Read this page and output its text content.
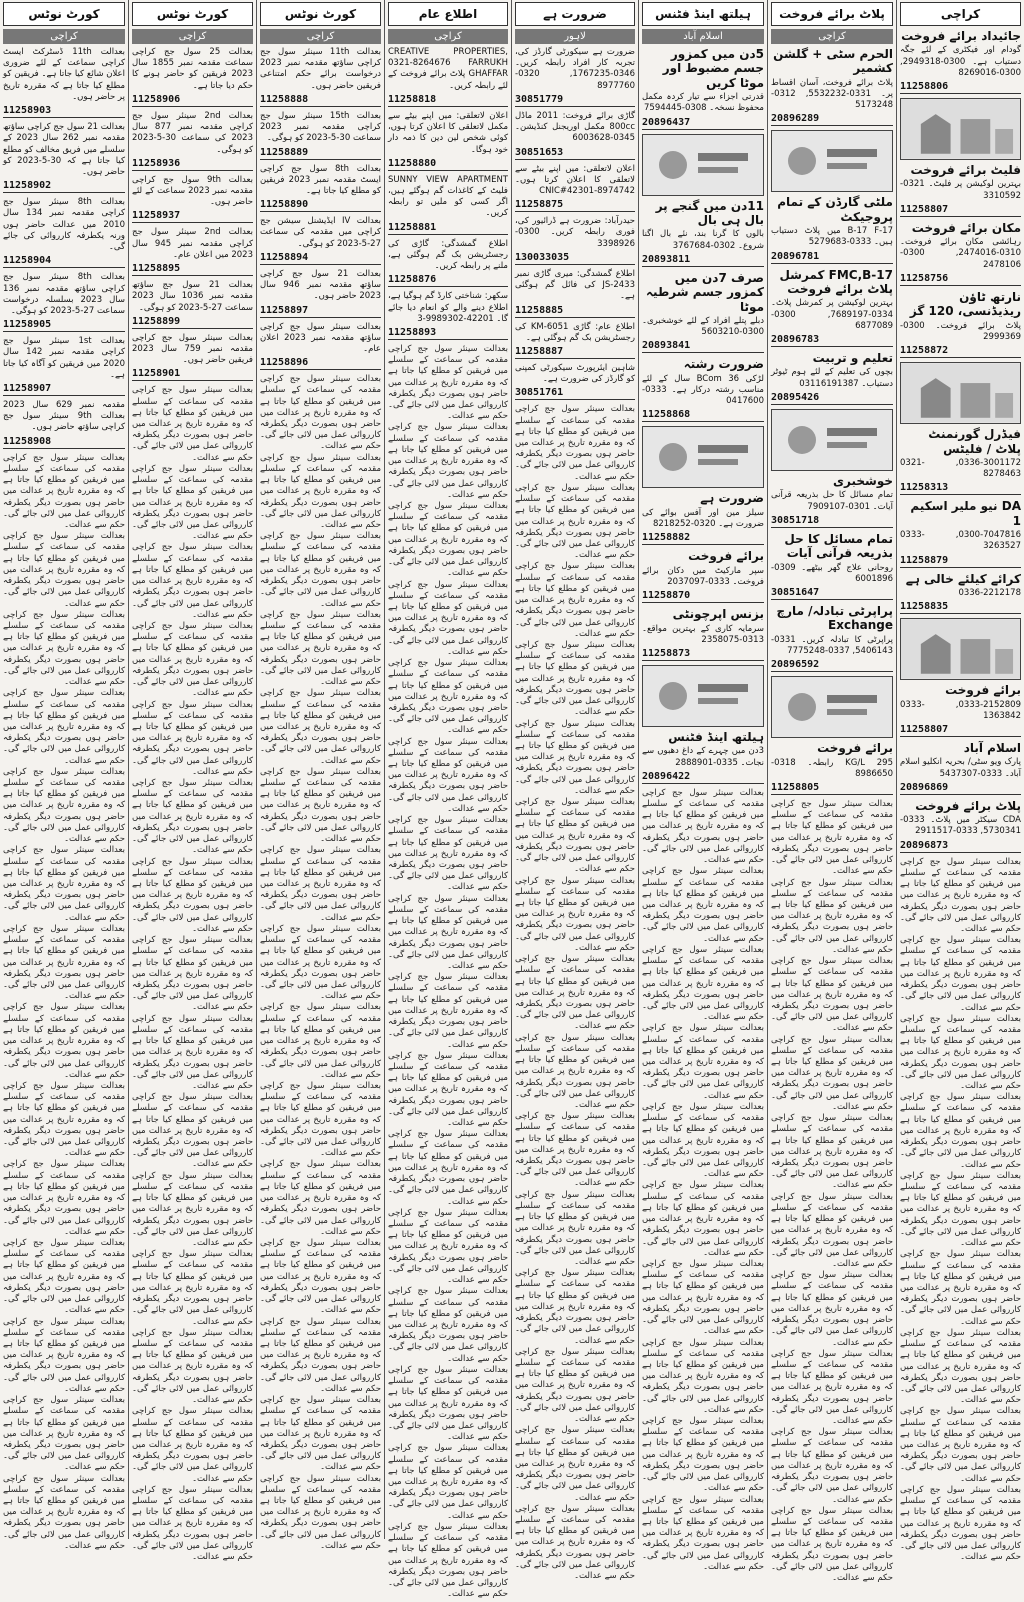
کورٹ نوٹس
کراچی
بعدالت 11th ڈسٹرکٹ ایسٹ کراچی سماعت کے لئے ضروری اعلان شائع کیا جاتا ہے۔ فریقین کو مطلع کیا جاتا ہے کہ مقررہ تاریخ پر حاضر ہوں۔
11258903
بعدالت 21 سول جج کراچی ساؤتھ مقدمہ نمبر 262 سال 2023 کے سلسلے میں فریق مخالف کو مطلع کیا جاتا ہے کہ 30-5-2023 کو حاضر ہوں۔
11258902
بعدالت 8th سینئر سول جج کراچی مقدمہ نمبر 134 سال 2010 میں عدالت حاضر ہوں ورنہ یکطرفہ کارروائی کی جائے گی۔
11258904
بعدالت 8th سینئر سول جج کراچی ساؤتھ مقدمہ نمبر 136 سال 2023 بسلسلہ درخواست سماعت 27-5-2023 کو ہوگی۔
11258905
بعدالت 1st سینئر سول جج کراچی مقدمہ نمبر 142 سال 2020 میں فریقین کو آگاہ کیا جاتا ہے۔
11258907
مقدمہ نمبر 629 سال 2023 بعدالت 9th سینئر سول جج کراچی ساؤتھ حاضر ہوں۔
11258908
بعدالت سینئر سول جج کراچی مقدمہ کی سماعت کے سلسلے میں فریقین کو مطلع کیا جاتا ہے کہ وہ مقررہ تاریخ پر عدالت میں حاضر ہوں بصورت دیگر یکطرفہ کارروائی عمل میں لائی جائے گی۔ حکم سے عدالت۔
بعدالت سینئر سول جج کراچی مقدمہ کی سماعت کے سلسلے میں فریقین کو مطلع کیا جاتا ہے کہ وہ مقررہ تاریخ پر عدالت میں حاضر ہوں بصورت دیگر یکطرفہ کارروائی عمل میں لائی جائے گی۔ حکم سے عدالت۔
بعدالت سینئر سول جج کراچی مقدمہ کی سماعت کے سلسلے میں فریقین کو مطلع کیا جاتا ہے کہ وہ مقررہ تاریخ پر عدالت میں حاضر ہوں بصورت دیگر یکطرفہ کارروائی عمل میں لائی جائے گی۔ حکم سے عدالت۔
بعدالت سینئر سول جج کراچی مقدمہ کی سماعت کے سلسلے میں فریقین کو مطلع کیا جاتا ہے کہ وہ مقررہ تاریخ پر عدالت میں حاضر ہوں بصورت دیگر یکطرفہ کارروائی عمل میں لائی جائے گی۔ حکم سے عدالت۔
بعدالت سینئر سول جج کراچی مقدمہ کی سماعت کے سلسلے میں فریقین کو مطلع کیا جاتا ہے کہ وہ مقررہ تاریخ پر عدالت میں حاضر ہوں بصورت دیگر یکطرفہ کارروائی عمل میں لائی جائے گی۔ حکم سے عدالت۔
بعدالت سینئر سول جج کراچی مقدمہ کی سماعت کے سلسلے میں فریقین کو مطلع کیا جاتا ہے کہ وہ مقررہ تاریخ پر عدالت میں حاضر ہوں بصورت دیگر یکطرفہ کارروائی عمل میں لائی جائے گی۔ حکم سے عدالت۔
بعدالت سینئر سول جج کراچی مقدمہ کی سماعت کے سلسلے میں فریقین کو مطلع کیا جاتا ہے کہ وہ مقررہ تاریخ پر عدالت میں حاضر ہوں بصورت دیگر یکطرفہ کارروائی عمل میں لائی جائے گی۔ حکم سے عدالت۔
بعدالت سینئر سول جج کراچی مقدمہ کی سماعت کے سلسلے میں فریقین کو مطلع کیا جاتا ہے کہ وہ مقررہ تاریخ پر عدالت میں حاضر ہوں بصورت دیگر یکطرفہ کارروائی عمل میں لائی جائے گی۔ حکم سے عدالت۔
بعدالت سینئر سول جج کراچی مقدمہ کی سماعت کے سلسلے میں فریقین کو مطلع کیا جاتا ہے کہ وہ مقررہ تاریخ پر عدالت میں حاضر ہوں بصورت دیگر یکطرفہ کارروائی عمل میں لائی جائے گی۔ حکم سے عدالت۔
بعدالت سینئر سول جج کراچی مقدمہ کی سماعت کے سلسلے میں فریقین کو مطلع کیا جاتا ہے کہ وہ مقررہ تاریخ پر عدالت میں حاضر ہوں بصورت دیگر یکطرفہ کارروائی عمل میں لائی جائے گی۔ حکم سے عدالت۔
بعدالت سینئر سول جج کراچی مقدمہ کی سماعت کے سلسلے میں فریقین کو مطلع کیا جاتا ہے کہ وہ مقررہ تاریخ پر عدالت میں حاضر ہوں بصورت دیگر یکطرفہ کارروائی عمل میں لائی جائے گی۔ حکم سے عدالت۔
بعدالت سینئر سول جج کراچی مقدمہ کی سماعت کے سلسلے میں فریقین کو مطلع کیا جاتا ہے کہ وہ مقررہ تاریخ پر عدالت میں حاضر ہوں بصورت دیگر یکطرفہ کارروائی عمل میں لائی جائے گی۔ حکم سے عدالت۔
بعدالت سینئر سول جج کراچی مقدمہ کی سماعت کے سلسلے میں فریقین کو مطلع کیا جاتا ہے کہ وہ مقررہ تاریخ پر عدالت میں حاضر ہوں بصورت دیگر یکطرفہ کارروائی عمل میں لائی جائے گی۔ حکم سے عدالت۔
بعدالت سینئر سول جج کراچی مقدمہ کی سماعت کے سلسلے میں فریقین کو مطلع کیا جاتا ہے کہ وہ مقررہ تاریخ پر عدالت میں حاضر ہوں بصورت دیگر یکطرفہ کارروائی عمل میں لائی جائے گی۔ حکم سے عدالت۔
کورٹ نوٹس
کراچی
بعدالت 25 سول جج کراچی سماعت مقدمہ نمبر 1855 سال 2023 فریقین کو حاضر ہونے کا حکم دیا جاتا ہے۔
11258906
بعدالت 2nd سینئر سول جج کراچی مقدمہ نمبر 877 سال 2023 کی سماعت 30-5-2023 کو ہوگی۔
11258936
بعدالت 9th سول جج کراچی مقدمہ نمبر 2023 سماعت کے لئے حاضر ہوں۔
11258937
بعدالت 2nd سینئر سول جج کراچی مقدمہ نمبر 945 سال 2023 میں اعلان عام۔
11258895
بعدالت 21 سول جج ساؤتھ مقدمہ نمبر 1036 سال 2023 سماعت 27-5-2023 کو ہوگی۔
11258899
بعدالت سینئر سول جج کراچی مقدمہ نمبر 759 سال 2023 فریقین حاضر ہوں۔
11258901
بعدالت سینئر سول جج کراچی مقدمہ کی سماعت کے سلسلے میں فریقین کو مطلع کیا جاتا ہے کہ وہ مقررہ تاریخ پر عدالت میں حاضر ہوں بصورت دیگر یکطرفہ کارروائی عمل میں لائی جائے گی۔ حکم سے عدالت۔
بعدالت سینئر سول جج کراچی مقدمہ کی سماعت کے سلسلے میں فریقین کو مطلع کیا جاتا ہے کہ وہ مقررہ تاریخ پر عدالت میں حاضر ہوں بصورت دیگر یکطرفہ کارروائی عمل میں لائی جائے گی۔ حکم سے عدالت۔
بعدالت سینئر سول جج کراچی مقدمہ کی سماعت کے سلسلے میں فریقین کو مطلع کیا جاتا ہے کہ وہ مقررہ تاریخ پر عدالت میں حاضر ہوں بصورت دیگر یکطرفہ کارروائی عمل میں لائی جائے گی۔ حکم سے عدالت۔
بعدالت سینئر سول جج کراچی مقدمہ کی سماعت کے سلسلے میں فریقین کو مطلع کیا جاتا ہے کہ وہ مقررہ تاریخ پر عدالت میں حاضر ہوں بصورت دیگر یکطرفہ کارروائی عمل میں لائی جائے گی۔ حکم سے عدالت۔
بعدالت سینئر سول جج کراچی مقدمہ کی سماعت کے سلسلے میں فریقین کو مطلع کیا جاتا ہے کہ وہ مقررہ تاریخ پر عدالت میں حاضر ہوں بصورت دیگر یکطرفہ کارروائی عمل میں لائی جائے گی۔ حکم سے عدالت۔
بعدالت سینئر سول جج کراچی مقدمہ کی سماعت کے سلسلے میں فریقین کو مطلع کیا جاتا ہے کہ وہ مقررہ تاریخ پر عدالت میں حاضر ہوں بصورت دیگر یکطرفہ کارروائی عمل میں لائی جائے گی۔ حکم سے عدالت۔
بعدالت سینئر سول جج کراچی مقدمہ کی سماعت کے سلسلے میں فریقین کو مطلع کیا جاتا ہے کہ وہ مقررہ تاریخ پر عدالت میں حاضر ہوں بصورت دیگر یکطرفہ کارروائی عمل میں لائی جائے گی۔ حکم سے عدالت۔
بعدالت سینئر سول جج کراچی مقدمہ کی سماعت کے سلسلے میں فریقین کو مطلع کیا جاتا ہے کہ وہ مقررہ تاریخ پر عدالت میں حاضر ہوں بصورت دیگر یکطرفہ کارروائی عمل میں لائی جائے گی۔ حکم سے عدالت۔
بعدالت سینئر سول جج کراچی مقدمہ کی سماعت کے سلسلے میں فریقین کو مطلع کیا جاتا ہے کہ وہ مقررہ تاریخ پر عدالت میں حاضر ہوں بصورت دیگر یکطرفہ کارروائی عمل میں لائی جائے گی۔ حکم سے عدالت۔
بعدالت سینئر سول جج کراچی مقدمہ کی سماعت کے سلسلے میں فریقین کو مطلع کیا جاتا ہے کہ وہ مقررہ تاریخ پر عدالت میں حاضر ہوں بصورت دیگر یکطرفہ کارروائی عمل میں لائی جائے گی۔ حکم سے عدالت۔
بعدالت سینئر سول جج کراچی مقدمہ کی سماعت کے سلسلے میں فریقین کو مطلع کیا جاتا ہے کہ وہ مقررہ تاریخ پر عدالت میں حاضر ہوں بصورت دیگر یکطرفہ کارروائی عمل میں لائی جائے گی۔ حکم سے عدالت۔
بعدالت سینئر سول جج کراچی مقدمہ کی سماعت کے سلسلے میں فریقین کو مطلع کیا جاتا ہے کہ وہ مقررہ تاریخ پر عدالت میں حاضر ہوں بصورت دیگر یکطرفہ کارروائی عمل میں لائی جائے گی۔ حکم سے عدالت۔
بعدالت سینئر سول جج کراچی مقدمہ کی سماعت کے سلسلے میں فریقین کو مطلع کیا جاتا ہے کہ وہ مقررہ تاریخ پر عدالت میں حاضر ہوں بصورت دیگر یکطرفہ کارروائی عمل میں لائی جائے گی۔ حکم سے عدالت۔
بعدالت سینئر سول جج کراچی مقدمہ کی سماعت کے سلسلے میں فریقین کو مطلع کیا جاتا ہے کہ وہ مقررہ تاریخ پر عدالت میں حاضر ہوں بصورت دیگر یکطرفہ کارروائی عمل میں لائی جائے گی۔ حکم سے عدالت۔
بعدالت سینئر سول جج کراچی مقدمہ کی سماعت کے سلسلے میں فریقین کو مطلع کیا جاتا ہے کہ وہ مقررہ تاریخ پر عدالت میں حاضر ہوں بصورت دیگر یکطرفہ کارروائی عمل میں لائی جائے گی۔ حکم سے عدالت۔
کورٹ نوٹس
کراچی
بعدالت 11th سینئر سول جج کراچی ساؤتھ مقدمہ نمبر 2023 درخواست برائے حکم امتناعی فریقین حاضر ہوں۔
11258888
بعدالت 15th سینئر سول جج کراچی مقدمہ نمبر 2023 سماعت 30-5-2023 کو ہوگی۔
11258889
بعدالت 8th سول جج کراچی ایسٹ مقدمہ نمبر 2023 فریقین کو مطلع کیا جاتا ہے۔
11258890
بعدالت IV ایڈیشنل سیشن جج کراچی میں مقدمہ کی سماعت 27-5-2023 کو ہوگی۔
11258894
بعدالت 21 سول جج کراچی ساؤتھ مقدمہ نمبر 946 سال 2023 حاضر ہوں۔
11258897
بعدالت سینئر سول جج کراچی ساؤتھ مقدمہ نمبر 2023 اعلان عام۔
11258896
بعدالت سینئر سول جج کراچی مقدمہ کی سماعت کے سلسلے میں فریقین کو مطلع کیا جاتا ہے کہ وہ مقررہ تاریخ پر عدالت میں حاضر ہوں بصورت دیگر یکطرفہ کارروائی عمل میں لائی جائے گی۔ حکم سے عدالت۔
بعدالت سینئر سول جج کراچی مقدمہ کی سماعت کے سلسلے میں فریقین کو مطلع کیا جاتا ہے کہ وہ مقررہ تاریخ پر عدالت میں حاضر ہوں بصورت دیگر یکطرفہ کارروائی عمل میں لائی جائے گی۔ حکم سے عدالت۔
بعدالت سینئر سول جج کراچی مقدمہ کی سماعت کے سلسلے میں فریقین کو مطلع کیا جاتا ہے کہ وہ مقررہ تاریخ پر عدالت میں حاضر ہوں بصورت دیگر یکطرفہ کارروائی عمل میں لائی جائے گی۔ حکم سے عدالت۔
بعدالت سینئر سول جج کراچی مقدمہ کی سماعت کے سلسلے میں فریقین کو مطلع کیا جاتا ہے کہ وہ مقررہ تاریخ پر عدالت میں حاضر ہوں بصورت دیگر یکطرفہ کارروائی عمل میں لائی جائے گی۔ حکم سے عدالت۔
بعدالت سینئر سول جج کراچی مقدمہ کی سماعت کے سلسلے میں فریقین کو مطلع کیا جاتا ہے کہ وہ مقررہ تاریخ پر عدالت میں حاضر ہوں بصورت دیگر یکطرفہ کارروائی عمل میں لائی جائے گی۔ حکم سے عدالت۔
بعدالت سینئر سول جج کراچی مقدمہ کی سماعت کے سلسلے میں فریقین کو مطلع کیا جاتا ہے کہ وہ مقررہ تاریخ پر عدالت میں حاضر ہوں بصورت دیگر یکطرفہ کارروائی عمل میں لائی جائے گی۔ حکم سے عدالت۔
بعدالت سینئر سول جج کراچی مقدمہ کی سماعت کے سلسلے میں فریقین کو مطلع کیا جاتا ہے کہ وہ مقررہ تاریخ پر عدالت میں حاضر ہوں بصورت دیگر یکطرفہ کارروائی عمل میں لائی جائے گی۔ حکم سے عدالت۔
بعدالت سینئر سول جج کراچی مقدمہ کی سماعت کے سلسلے میں فریقین کو مطلع کیا جاتا ہے کہ وہ مقررہ تاریخ پر عدالت میں حاضر ہوں بصورت دیگر یکطرفہ کارروائی عمل میں لائی جائے گی۔ حکم سے عدالت۔
بعدالت سینئر سول جج کراچی مقدمہ کی سماعت کے سلسلے میں فریقین کو مطلع کیا جاتا ہے کہ وہ مقررہ تاریخ پر عدالت میں حاضر ہوں بصورت دیگر یکطرفہ کارروائی عمل میں لائی جائے گی۔ حکم سے عدالت۔
بعدالت سینئر سول جج کراچی مقدمہ کی سماعت کے سلسلے میں فریقین کو مطلع کیا جاتا ہے کہ وہ مقررہ تاریخ پر عدالت میں حاضر ہوں بصورت دیگر یکطرفہ کارروائی عمل میں لائی جائے گی۔ حکم سے عدالت۔
بعدالت سینئر سول جج کراچی مقدمہ کی سماعت کے سلسلے میں فریقین کو مطلع کیا جاتا ہے کہ وہ مقررہ تاریخ پر عدالت میں حاضر ہوں بصورت دیگر یکطرفہ کارروائی عمل میں لائی جائے گی۔ حکم سے عدالت۔
بعدالت سینئر سول جج کراچی مقدمہ کی سماعت کے سلسلے میں فریقین کو مطلع کیا جاتا ہے کہ وہ مقررہ تاریخ پر عدالت میں حاضر ہوں بصورت دیگر یکطرفہ کارروائی عمل میں لائی جائے گی۔ حکم سے عدالت۔
بعدالت سینئر سول جج کراچی مقدمہ کی سماعت کے سلسلے میں فریقین کو مطلع کیا جاتا ہے کہ وہ مقررہ تاریخ پر عدالت میں حاضر ہوں بصورت دیگر یکطرفہ کارروائی عمل میں لائی جائے گی۔ حکم سے عدالت۔
بعدالت سینئر سول جج کراچی مقدمہ کی سماعت کے سلسلے میں فریقین کو مطلع کیا جاتا ہے کہ وہ مقررہ تاریخ پر عدالت میں حاضر ہوں بصورت دیگر یکطرفہ کارروائی عمل میں لائی جائے گی۔ حکم سے عدالت۔
بعدالت سینئر سول جج کراچی مقدمہ کی سماعت کے سلسلے میں فریقین کو مطلع کیا جاتا ہے کہ وہ مقررہ تاریخ پر عدالت میں حاضر ہوں بصورت دیگر یکطرفہ کارروائی عمل میں لائی جائے گی۔ حکم سے عدالت۔
اطلاع عام
کراچی
CREATIVE PROPERTIES, 0321-8264676 FARRUKH GHAFFAR پلاٹ برائے فروخت کے لئے رابطہ کریں۔
11258818
اعلان لاتعلقی: میں اپنے بیٹے سے مکمل لاتعلقی کا اعلان کرتا ہوں، کوئی شخص لین دین کا ذمہ دار خود ہوگا۔
11258880
SUNNY VIEW APARTMENT فلیٹ کے کاغذات گم ہوگئے ہیں، اگر کسی کو ملیں تو رابطہ کریں۔
11258881
اطلاع گمشدگی: گاڑی کی رجسٹریشن بک گم ہوگئی ہے، ملنے پر رابطہ کریں۔
11258876
سکھر: شناختی کارڈ گم ہوگیا ہے، اطلاع دینے والے کو انعام دیا جائے گا۔ 42201-9989302-3
11258893
بعدالت سینئر سول جج کراچی مقدمہ کی سماعت کے سلسلے میں فریقین کو مطلع کیا جاتا ہے کہ وہ مقررہ تاریخ پر عدالت میں حاضر ہوں بصورت دیگر یکطرفہ کارروائی عمل میں لائی جائے گی۔ حکم سے عدالت۔
بعدالت سینئر سول جج کراچی مقدمہ کی سماعت کے سلسلے میں فریقین کو مطلع کیا جاتا ہے کہ وہ مقررہ تاریخ پر عدالت میں حاضر ہوں بصورت دیگر یکطرفہ کارروائی عمل میں لائی جائے گی۔ حکم سے عدالت۔
بعدالت سینئر سول جج کراچی مقدمہ کی سماعت کے سلسلے میں فریقین کو مطلع کیا جاتا ہے کہ وہ مقررہ تاریخ پر عدالت میں حاضر ہوں بصورت دیگر یکطرفہ کارروائی عمل میں لائی جائے گی۔ حکم سے عدالت۔
بعدالت سینئر سول جج کراچی مقدمہ کی سماعت کے سلسلے میں فریقین کو مطلع کیا جاتا ہے کہ وہ مقررہ تاریخ پر عدالت میں حاضر ہوں بصورت دیگر یکطرفہ کارروائی عمل میں لائی جائے گی۔ حکم سے عدالت۔
بعدالت سینئر سول جج کراچی مقدمہ کی سماعت کے سلسلے میں فریقین کو مطلع کیا جاتا ہے کہ وہ مقررہ تاریخ پر عدالت میں حاضر ہوں بصورت دیگر یکطرفہ کارروائی عمل میں لائی جائے گی۔ حکم سے عدالت۔
بعدالت سینئر سول جج کراچی مقدمہ کی سماعت کے سلسلے میں فریقین کو مطلع کیا جاتا ہے کہ وہ مقررہ تاریخ پر عدالت میں حاضر ہوں بصورت دیگر یکطرفہ کارروائی عمل میں لائی جائے گی۔ حکم سے عدالت۔
بعدالت سینئر سول جج کراچی مقدمہ کی سماعت کے سلسلے میں فریقین کو مطلع کیا جاتا ہے کہ وہ مقررہ تاریخ پر عدالت میں حاضر ہوں بصورت دیگر یکطرفہ کارروائی عمل میں لائی جائے گی۔ حکم سے عدالت۔
بعدالت سینئر سول جج کراچی مقدمہ کی سماعت کے سلسلے میں فریقین کو مطلع کیا جاتا ہے کہ وہ مقررہ تاریخ پر عدالت میں حاضر ہوں بصورت دیگر یکطرفہ کارروائی عمل میں لائی جائے گی۔ حکم سے عدالت۔
بعدالت سینئر سول جج کراچی مقدمہ کی سماعت کے سلسلے میں فریقین کو مطلع کیا جاتا ہے کہ وہ مقررہ تاریخ پر عدالت میں حاضر ہوں بصورت دیگر یکطرفہ کارروائی عمل میں لائی جائے گی۔ حکم سے عدالت۔
بعدالت سینئر سول جج کراچی مقدمہ کی سماعت کے سلسلے میں فریقین کو مطلع کیا جاتا ہے کہ وہ مقررہ تاریخ پر عدالت میں حاضر ہوں بصورت دیگر یکطرفہ کارروائی عمل میں لائی جائے گی۔ حکم سے عدالت۔
بعدالت سینئر سول جج کراچی مقدمہ کی سماعت کے سلسلے میں فریقین کو مطلع کیا جاتا ہے کہ وہ مقررہ تاریخ پر عدالت میں حاضر ہوں بصورت دیگر یکطرفہ کارروائی عمل میں لائی جائے گی۔ حکم سے عدالت۔
بعدالت سینئر سول جج کراچی مقدمہ کی سماعت کے سلسلے میں فریقین کو مطلع کیا جاتا ہے کہ وہ مقررہ تاریخ پر عدالت میں حاضر ہوں بصورت دیگر یکطرفہ کارروائی عمل میں لائی جائے گی۔ حکم سے عدالت۔
بعدالت سینئر سول جج کراچی مقدمہ کی سماعت کے سلسلے میں فریقین کو مطلع کیا جاتا ہے کہ وہ مقررہ تاریخ پر عدالت میں حاضر ہوں بصورت دیگر یکطرفہ کارروائی عمل میں لائی جائے گی۔ حکم سے عدالت۔
بعدالت سینئر سول جج کراچی مقدمہ کی سماعت کے سلسلے میں فریقین کو مطلع کیا جاتا ہے کہ وہ مقررہ تاریخ پر عدالت میں حاضر ہوں بصورت دیگر یکطرفہ کارروائی عمل میں لائی جائے گی۔ حکم سے عدالت۔
بعدالت سینئر سول جج کراچی مقدمہ کی سماعت کے سلسلے میں فریقین کو مطلع کیا جاتا ہے کہ وہ مقررہ تاریخ پر عدالت میں حاضر ہوں بصورت دیگر یکطرفہ کارروائی عمل میں لائی جائے گی۔ حکم سے عدالت۔
بعدالت سینئر سول جج کراچی مقدمہ کی سماعت کے سلسلے میں فریقین کو مطلع کیا جاتا ہے کہ وہ مقررہ تاریخ پر عدالت میں حاضر ہوں بصورت دیگر یکطرفہ کارروائی عمل میں لائی جائے گی۔ حکم سے عدالت۔
ضرورت ہے
لاہور
ضرورت ہے سیکورٹی گارڈز کی، تجربہ کار افراد رابطہ کریں۔ 0346-1767235, 0320-8977760
30851779
گاڑی برائے فروخت: 2011 ماڈل 800cc مکمل اوریجنل کنڈیشن۔ 0345-6003628
30851653
اعلان لاتعلقی: میں اپنے بیٹے سے لاتعلقی کا اعلان کرتا ہوں۔ CNIC#42301-8974742
11258875
حیدرآباد: ضرورت ہے ڈرائیور کی، فوری رابطہ کریں۔ 0300-3398926
130033035
اطلاع گمشدگی: میری گاڑی نمبر JS-2433 کی فائل گم ہوگئی ہے۔
11258885
اطلاع عام: گاڑی KM-6051 کی رجسٹریشن بک گم ہوگئی ہے۔
11258887
شاہین ایئرپورٹ سیکورٹی کمپنی کو گارڈز کی ضرورت ہے۔
30851761
بعدالت سینئر سول جج کراچی مقدمہ کی سماعت کے سلسلے میں فریقین کو مطلع کیا جاتا ہے کہ وہ مقررہ تاریخ پر عدالت میں حاضر ہوں بصورت دیگر یکطرفہ کارروائی عمل میں لائی جائے گی۔ حکم سے عدالت۔
بعدالت سینئر سول جج کراچی مقدمہ کی سماعت کے سلسلے میں فریقین کو مطلع کیا جاتا ہے کہ وہ مقررہ تاریخ پر عدالت میں حاضر ہوں بصورت دیگر یکطرفہ کارروائی عمل میں لائی جائے گی۔ حکم سے عدالت۔
بعدالت سینئر سول جج کراچی مقدمہ کی سماعت کے سلسلے میں فریقین کو مطلع کیا جاتا ہے کہ وہ مقررہ تاریخ پر عدالت میں حاضر ہوں بصورت دیگر یکطرفہ کارروائی عمل میں لائی جائے گی۔ حکم سے عدالت۔
بعدالت سینئر سول جج کراچی مقدمہ کی سماعت کے سلسلے میں فریقین کو مطلع کیا جاتا ہے کہ وہ مقررہ تاریخ پر عدالت میں حاضر ہوں بصورت دیگر یکطرفہ کارروائی عمل میں لائی جائے گی۔ حکم سے عدالت۔
بعدالت سینئر سول جج کراچی مقدمہ کی سماعت کے سلسلے میں فریقین کو مطلع کیا جاتا ہے کہ وہ مقررہ تاریخ پر عدالت میں حاضر ہوں بصورت دیگر یکطرفہ کارروائی عمل میں لائی جائے گی۔ حکم سے عدالت۔
بعدالت سینئر سول جج کراچی مقدمہ کی سماعت کے سلسلے میں فریقین کو مطلع کیا جاتا ہے کہ وہ مقررہ تاریخ پر عدالت میں حاضر ہوں بصورت دیگر یکطرفہ کارروائی عمل میں لائی جائے گی۔ حکم سے عدالت۔
بعدالت سینئر سول جج کراچی مقدمہ کی سماعت کے سلسلے میں فریقین کو مطلع کیا جاتا ہے کہ وہ مقررہ تاریخ پر عدالت میں حاضر ہوں بصورت دیگر یکطرفہ کارروائی عمل میں لائی جائے گی۔ حکم سے عدالت۔
بعدالت سینئر سول جج کراچی مقدمہ کی سماعت کے سلسلے میں فریقین کو مطلع کیا جاتا ہے کہ وہ مقررہ تاریخ پر عدالت میں حاضر ہوں بصورت دیگر یکطرفہ کارروائی عمل میں لائی جائے گی۔ حکم سے عدالت۔
بعدالت سینئر سول جج کراچی مقدمہ کی سماعت کے سلسلے میں فریقین کو مطلع کیا جاتا ہے کہ وہ مقررہ تاریخ پر عدالت میں حاضر ہوں بصورت دیگر یکطرفہ کارروائی عمل میں لائی جائے گی۔ حکم سے عدالت۔
بعدالت سینئر سول جج کراچی مقدمہ کی سماعت کے سلسلے میں فریقین کو مطلع کیا جاتا ہے کہ وہ مقررہ تاریخ پر عدالت میں حاضر ہوں بصورت دیگر یکطرفہ کارروائی عمل میں لائی جائے گی۔ حکم سے عدالت۔
بعدالت سینئر سول جج کراچی مقدمہ کی سماعت کے سلسلے میں فریقین کو مطلع کیا جاتا ہے کہ وہ مقررہ تاریخ پر عدالت میں حاضر ہوں بصورت دیگر یکطرفہ کارروائی عمل میں لائی جائے گی۔ حکم سے عدالت۔
بعدالت سینئر سول جج کراچی مقدمہ کی سماعت کے سلسلے میں فریقین کو مطلع کیا جاتا ہے کہ وہ مقررہ تاریخ پر عدالت میں حاضر ہوں بصورت دیگر یکطرفہ کارروائی عمل میں لائی جائے گی۔ حکم سے عدالت۔
بعدالت سینئر سول جج کراچی مقدمہ کی سماعت کے سلسلے میں فریقین کو مطلع کیا جاتا ہے کہ وہ مقررہ تاریخ پر عدالت میں حاضر ہوں بصورت دیگر یکطرفہ کارروائی عمل میں لائی جائے گی۔ حکم سے عدالت۔
بعدالت سینئر سول جج کراچی مقدمہ کی سماعت کے سلسلے میں فریقین کو مطلع کیا جاتا ہے کہ وہ مقررہ تاریخ پر عدالت میں حاضر ہوں بصورت دیگر یکطرفہ کارروائی عمل میں لائی جائے گی۔ حکم سے عدالت۔
بعدالت سینئر سول جج کراچی مقدمہ کی سماعت کے سلسلے میں فریقین کو مطلع کیا جاتا ہے کہ وہ مقررہ تاریخ پر عدالت میں حاضر ہوں بصورت دیگر یکطرفہ کارروائی عمل میں لائی جائے گی۔ حکم سے عدالت۔
ہیلتھ اینڈ فٹنس
اسلام آباد
5دن میں کمزور جسم مضبوط اور موٹا کریں
قدرتی اجزاء سے تیار کردہ مکمل محفوظ نسخہ۔ 0308-7594445
20896437
11دن میں گنجے پر بال ہی بال
بالوں کا گرنا بند، نئے بال اگنا شروع۔ 0302-3767684
20893811
صرف 7دن میں کمزور جسم شرطیہ موٹا
دبلے پتلے افراد کے لئے خوشخبری۔ 0300-5603210
20893841
ضرورت رشتہ
لڑکی BCom 36 سال کے لئے مناسب رشتہ درکار ہے۔ 0333-0417600
11258868
ضرورت ہے
سیلز مین اور آفس بوائے کی ضرورت ہے۔ 0320-8218252
11258882
برائے فروخت
سپر مارکیٹ میں دکان برائے فروخت۔ 0333-2037097
11258870
بزنس اپرچونٹی
سرمایہ کاری کے بہترین مواقع۔ 0313-2358075
11258873
ہیلتھ اینڈ فٹنس
3دن میں چہرے کے داغ دھبوں سے نجات۔ 0335-2888901
20896422
بعدالت سینئر سول جج کراچی مقدمہ کی سماعت کے سلسلے میں فریقین کو مطلع کیا جاتا ہے کہ وہ مقررہ تاریخ پر عدالت میں حاضر ہوں بصورت دیگر یکطرفہ کارروائی عمل میں لائی جائے گی۔ حکم سے عدالت۔
بعدالت سینئر سول جج کراچی مقدمہ کی سماعت کے سلسلے میں فریقین کو مطلع کیا جاتا ہے کہ وہ مقررہ تاریخ پر عدالت میں حاضر ہوں بصورت دیگر یکطرفہ کارروائی عمل میں لائی جائے گی۔ حکم سے عدالت۔
بعدالت سینئر سول جج کراچی مقدمہ کی سماعت کے سلسلے میں فریقین کو مطلع کیا جاتا ہے کہ وہ مقررہ تاریخ پر عدالت میں حاضر ہوں بصورت دیگر یکطرفہ کارروائی عمل میں لائی جائے گی۔ حکم سے عدالت۔
بعدالت سینئر سول جج کراچی مقدمہ کی سماعت کے سلسلے میں فریقین کو مطلع کیا جاتا ہے کہ وہ مقررہ تاریخ پر عدالت میں حاضر ہوں بصورت دیگر یکطرفہ کارروائی عمل میں لائی جائے گی۔ حکم سے عدالت۔
بعدالت سینئر سول جج کراچی مقدمہ کی سماعت کے سلسلے میں فریقین کو مطلع کیا جاتا ہے کہ وہ مقررہ تاریخ پر عدالت میں حاضر ہوں بصورت دیگر یکطرفہ کارروائی عمل میں لائی جائے گی۔ حکم سے عدالت۔
بعدالت سینئر سول جج کراچی مقدمہ کی سماعت کے سلسلے میں فریقین کو مطلع کیا جاتا ہے کہ وہ مقررہ تاریخ پر عدالت میں حاضر ہوں بصورت دیگر یکطرفہ کارروائی عمل میں لائی جائے گی۔ حکم سے عدالت۔
بعدالت سینئر سول جج کراچی مقدمہ کی سماعت کے سلسلے میں فریقین کو مطلع کیا جاتا ہے کہ وہ مقررہ تاریخ پر عدالت میں حاضر ہوں بصورت دیگر یکطرفہ کارروائی عمل میں لائی جائے گی۔ حکم سے عدالت۔
بعدالت سینئر سول جج کراچی مقدمہ کی سماعت کے سلسلے میں فریقین کو مطلع کیا جاتا ہے کہ وہ مقررہ تاریخ پر عدالت میں حاضر ہوں بصورت دیگر یکطرفہ کارروائی عمل میں لائی جائے گی۔ حکم سے عدالت۔
بعدالت سینئر سول جج کراچی مقدمہ کی سماعت کے سلسلے میں فریقین کو مطلع کیا جاتا ہے کہ وہ مقررہ تاریخ پر عدالت میں حاضر ہوں بصورت دیگر یکطرفہ کارروائی عمل میں لائی جائے گی۔ حکم سے عدالت۔
بعدالت سینئر سول جج کراچی مقدمہ کی سماعت کے سلسلے میں فریقین کو مطلع کیا جاتا ہے کہ وہ مقررہ تاریخ پر عدالت میں حاضر ہوں بصورت دیگر یکطرفہ کارروائی عمل میں لائی جائے گی۔ حکم سے عدالت۔
پلاٹ برائے فروخت
کراچی
الحرم سٹی + گلشن کشمیر
پلاٹ برائے فروخت، آسان اقساط پر۔ 0331-5532232, 0312-5173248
20896289
ملٹی گارڈن کے تمام پروجیکٹ
B-17 F-17 میں پلاٹ دستیاب ہیں۔ 0333-5279683
20896781
FMC,B-17 کمرشل پلاٹ برائے فروخت
بہترین لوکیشن پر کمرشل پلاٹ۔ 0334-7689197, 0300-6877089
20896783
تعلیم و تربیت
بچوں کی تعلیم کے لئے ہوم ٹیوٹر دستیاب۔ 03116191387
20895426
خوشخبری
تمام مسائل کا حل بذریعہ قرآنی آیات۔ 0301-7909107
30851718
تمام مسائل کا حل بذریعہ قرآنی آیات
روحانی علاج گھر بیٹھے۔ 0309-6001896
30851647
پراپرٹی تبادلہ/ مارچ Exchange
پراپرٹی کا تبادلہ کریں۔ 0331-5406143, 0337-7775248
20896592
برائے فروخت
KG/L 295 رابطہ۔ 0318-8986650
11258805
بعدالت سینئر سول جج کراچی مقدمہ کی سماعت کے سلسلے میں فریقین کو مطلع کیا جاتا ہے کہ وہ مقررہ تاریخ پر عدالت میں حاضر ہوں بصورت دیگر یکطرفہ کارروائی عمل میں لائی جائے گی۔ حکم سے عدالت۔
بعدالت سینئر سول جج کراچی مقدمہ کی سماعت کے سلسلے میں فریقین کو مطلع کیا جاتا ہے کہ وہ مقررہ تاریخ پر عدالت میں حاضر ہوں بصورت دیگر یکطرفہ کارروائی عمل میں لائی جائے گی۔ حکم سے عدالت۔
بعدالت سینئر سول جج کراچی مقدمہ کی سماعت کے سلسلے میں فریقین کو مطلع کیا جاتا ہے کہ وہ مقررہ تاریخ پر عدالت میں حاضر ہوں بصورت دیگر یکطرفہ کارروائی عمل میں لائی جائے گی۔ حکم سے عدالت۔
بعدالت سینئر سول جج کراچی مقدمہ کی سماعت کے سلسلے میں فریقین کو مطلع کیا جاتا ہے کہ وہ مقررہ تاریخ پر عدالت میں حاضر ہوں بصورت دیگر یکطرفہ کارروائی عمل میں لائی جائے گی۔ حکم سے عدالت۔
بعدالت سینئر سول جج کراچی مقدمہ کی سماعت کے سلسلے میں فریقین کو مطلع کیا جاتا ہے کہ وہ مقررہ تاریخ پر عدالت میں حاضر ہوں بصورت دیگر یکطرفہ کارروائی عمل میں لائی جائے گی۔ حکم سے عدالت۔
بعدالت سینئر سول جج کراچی مقدمہ کی سماعت کے سلسلے میں فریقین کو مطلع کیا جاتا ہے کہ وہ مقررہ تاریخ پر عدالت میں حاضر ہوں بصورت دیگر یکطرفہ کارروائی عمل میں لائی جائے گی۔ حکم سے عدالت۔
بعدالت سینئر سول جج کراچی مقدمہ کی سماعت کے سلسلے میں فریقین کو مطلع کیا جاتا ہے کہ وہ مقررہ تاریخ پر عدالت میں حاضر ہوں بصورت دیگر یکطرفہ کارروائی عمل میں لائی جائے گی۔ حکم سے عدالت۔
بعدالت سینئر سول جج کراچی مقدمہ کی سماعت کے سلسلے میں فریقین کو مطلع کیا جاتا ہے کہ وہ مقررہ تاریخ پر عدالت میں حاضر ہوں بصورت دیگر یکطرفہ کارروائی عمل میں لائی جائے گی۔ حکم سے عدالت۔
بعدالت سینئر سول جج کراچی مقدمہ کی سماعت کے سلسلے میں فریقین کو مطلع کیا جاتا ہے کہ وہ مقررہ تاریخ پر عدالت میں حاضر ہوں بصورت دیگر یکطرفہ کارروائی عمل میں لائی جائے گی۔ حکم سے عدالت۔
بعدالت سینئر سول جج کراچی مقدمہ کی سماعت کے سلسلے میں فریقین کو مطلع کیا جاتا ہے کہ وہ مقررہ تاریخ پر عدالت میں حاضر ہوں بصورت دیگر یکطرفہ کارروائی عمل میں لائی جائے گی۔ حکم سے عدالت۔
کراچی
جائیداد برائے فروخت
گودام اور فیکٹری کے لئے جگہ دستیاب ہے۔ 0300-2949318, 0300-8269016
11258806
فلیٹ برائے فروخت
بہترین لوکیشن پر فلیٹ۔ 0321-3310592
11258807
مکان برائے فروخت
رہائشی مکان برائے فروخت۔ 0310-2474016, 0300-2478106
11258756
نارتھ ٹاؤن ریذیڈنسی، 120 گز
پلاٹ برائے فروخت۔ 0300-2999369
11258872
فیڈرل گورنمنٹ پلاٹ / فلیٹس
0336-3001172, 0321-8278463
11258313
DA نیو ملیر اسکیم 1
0300-7047816, 0333-3263527
11258879
کرائے کیلئے خالی ہے
0336-2212178
11258835
برائے فروخت
0333-2152809, 0333-1363842
11258807
اسلام آباد
پارک ویو سٹی/ بحریہ انکلیو اسلام آباد۔ 0333-5437307
20896869
پلاٹ برائے فروخت
CDA سیکٹر میں پلاٹ۔ 0333-5730341, 0333-2911517
20896873
بعدالت سینئر سول جج کراچی مقدمہ کی سماعت کے سلسلے میں فریقین کو مطلع کیا جاتا ہے کہ وہ مقررہ تاریخ پر عدالت میں حاضر ہوں بصورت دیگر یکطرفہ کارروائی عمل میں لائی جائے گی۔ حکم سے عدالت۔
بعدالت سینئر سول جج کراچی مقدمہ کی سماعت کے سلسلے میں فریقین کو مطلع کیا جاتا ہے کہ وہ مقررہ تاریخ پر عدالت میں حاضر ہوں بصورت دیگر یکطرفہ کارروائی عمل میں لائی جائے گی۔ حکم سے عدالت۔
بعدالت سینئر سول جج کراچی مقدمہ کی سماعت کے سلسلے میں فریقین کو مطلع کیا جاتا ہے کہ وہ مقررہ تاریخ پر عدالت میں حاضر ہوں بصورت دیگر یکطرفہ کارروائی عمل میں لائی جائے گی۔ حکم سے عدالت۔
بعدالت سینئر سول جج کراچی مقدمہ کی سماعت کے سلسلے میں فریقین کو مطلع کیا جاتا ہے کہ وہ مقررہ تاریخ پر عدالت میں حاضر ہوں بصورت دیگر یکطرفہ کارروائی عمل میں لائی جائے گی۔ حکم سے عدالت۔
بعدالت سینئر سول جج کراچی مقدمہ کی سماعت کے سلسلے میں فریقین کو مطلع کیا جاتا ہے کہ وہ مقررہ تاریخ پر عدالت میں حاضر ہوں بصورت دیگر یکطرفہ کارروائی عمل میں لائی جائے گی۔ حکم سے عدالت۔
بعدالت سینئر سول جج کراچی مقدمہ کی سماعت کے سلسلے میں فریقین کو مطلع کیا جاتا ہے کہ وہ مقررہ تاریخ پر عدالت میں حاضر ہوں بصورت دیگر یکطرفہ کارروائی عمل میں لائی جائے گی۔ حکم سے عدالت۔
بعدالت سینئر سول جج کراچی مقدمہ کی سماعت کے سلسلے میں فریقین کو مطلع کیا جاتا ہے کہ وہ مقررہ تاریخ پر عدالت میں حاضر ہوں بصورت دیگر یکطرفہ کارروائی عمل میں لائی جائے گی۔ حکم سے عدالت۔
بعدالت سینئر سول جج کراچی مقدمہ کی سماعت کے سلسلے میں فریقین کو مطلع کیا جاتا ہے کہ وہ مقررہ تاریخ پر عدالت میں حاضر ہوں بصورت دیگر یکطرفہ کارروائی عمل میں لائی جائے گی۔ حکم سے عدالت۔
بعدالت سینئر سول جج کراچی مقدمہ کی سماعت کے سلسلے میں فریقین کو مطلع کیا جاتا ہے کہ وہ مقررہ تاریخ پر عدالت میں حاضر ہوں بصورت دیگر یکطرفہ کارروائی عمل میں لائی جائے گی۔ حکم سے عدالت۔
